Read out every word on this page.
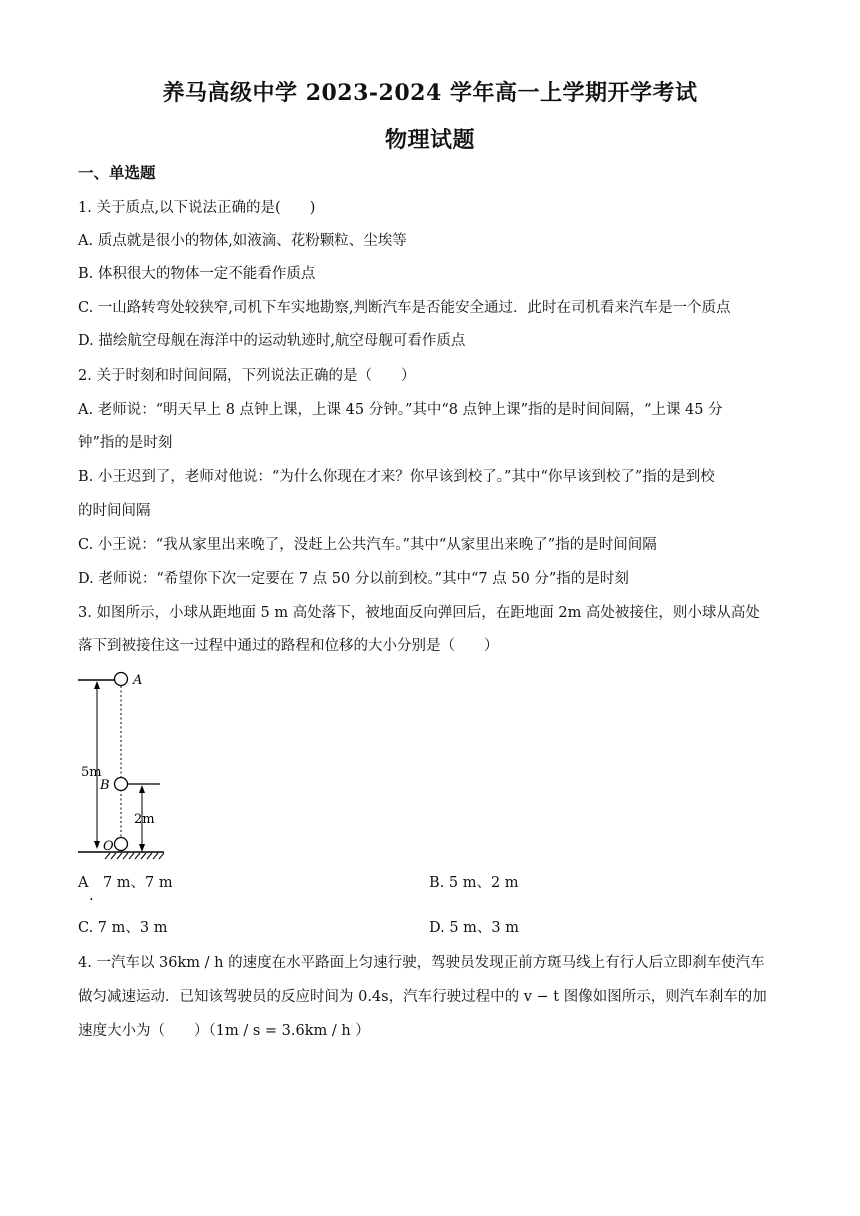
养马高级中学 2023-2024 学年高一上学期开学考试
物理试题
一、单选题
1. 关于质点,以下说法正确的是(　　)
A. 质点就是很小的物体,如液滴、花粉颗粒、尘埃等
B. 体积很大的物体一定不能看作质点
C. 一山路转弯处较狭窄,司机下车实地勘察,判断汽车是否能安全通过．此时在司机看来汽车是一个质点
D. 描绘航空母舰在海洋中的运动轨迹时,航空母舰可看作质点
2. 关于时刻和时间间隔，下列说法正确的是（　　）
A. 老师说：“明天早上 8 点钟上课，上课 45 分钟。”其中“8 点钟上课”指的是时间间隔，“上课 45 分
钟”指的是时刻
B. 小王迟到了，老师对他说：“为什么你现在才来？你早该到校了。”其中“你早该到校了”指的是到校
的时间间隔
C. 小王说：“我从家里出来晚了，没赶上公共汽车。”其中“从家里出来晚了”指的是时间间隔
D. 老师说：“希望你下次一定要在 7 点 50 分以前到校。”其中“7 点 50 分”指的是时刻
3. 如图所示，小球从距地面 5 m 高处落下，被地面反向弹回后，在距地面 2m 高处被接住，则小球从高处
落下到被接住这一过程中通过的路程和位移的大小分别是（　　）
A
5m
B
2m
O
A　7 m、7 m
.
B. 5 m、2 m
C. 7 m、3 m	D. 5 m、3 m
4. 一汽车以 36km / h 的速度在水平路面上匀速行驶，驾驶员发现正前方斑马线上有行人后立即刹车使汽车
做匀减速运动．已知该驾驶员的反应时间为 0.4s，汽车行驶过程中的 v − t 图像如图所示，则汽车刹车的加
速度大小为（　　）（1m / s = 3.6km / h ）
